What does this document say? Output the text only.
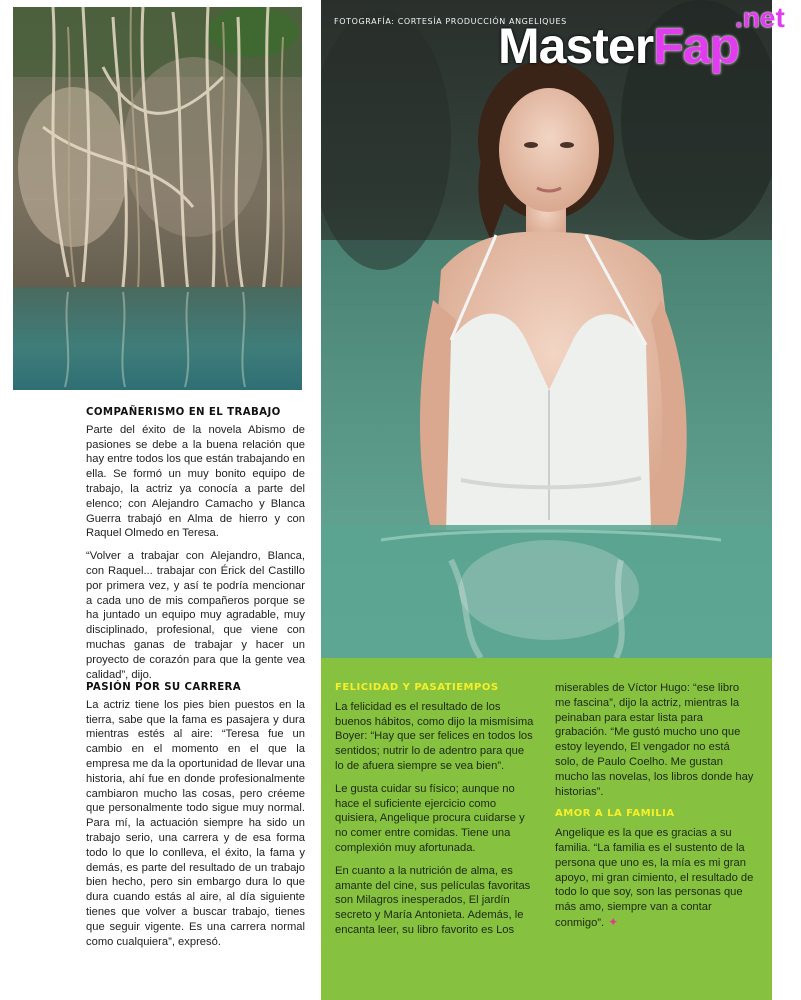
FOTOGRAFÍA: CORTESÍA PRODUCCIÓN ANGELIQUES	.net
MasterFap
COMPAÑERISMO EN EL TRABAJO

Parte del éxito de la novela Abismo de pasiones se debe a la buena relación que hay entre todos los que están trabajando en ella. Se formó un muy bonito equipo de trabajo, la actriz ya conocía a parte del elenco; con Alejandro Camacho y Blanca Guerra trabajó en Alma de hierro y con Raquel Olmedo en Teresa.

“Volver a trabajar con Alejandro, Blanca, con Raquel... trabajar con Érick del Castillo por primera vez, y así te podría mencionar a cada uno de mis compañeros porque se ha juntado un equipo muy agradable, muy disciplinado, profesional, que viene con muchas ganas de trabajar y hacer un proyecto de corazón para que la gente vea calidad”, dijo.

PASIÓN POR SU CARRERA

La actriz tiene los pies bien puestos en la tierra, sabe que la fama es pasajera y dura mientras estés al aire: “Teresa fue un cambio en el momento en el que la empresa me da la oportunidad de llevar una historia, ahí fue en donde profesionalmente cambiaron mucho las cosas, pero créeme que personalmente todo sigue muy normal. Para mí, la actuación siempre ha sido un trabajo serio, una carrera y de esa forma todo lo que lo conlleva, el éxito, la fama y demás, es parte del resultado de un trabajo bien hecho, pero sin embargo dura lo que dura cuando estás al aire, al día siguiente tienes que volver a buscar trabajo, tienes que seguir vigente. Es una carrera normal como cualquiera”, expresó.

FELICIDAD Y PASATIEMPOS

La felicidad es el resultado de los buenos hábitos, como dijo la mismísima Boyer: “Hay que ser felices en todos los sentidos; nutrir lo de adentro para que lo de afuera siempre se vea bien”.

Le gusta cuidar su físico; aunque no hace el suficiente ejercicio como quisiera, Angelique procura cuidarse y no comer entre comidas. Tiene una complexión muy afortunada.

En cuanto a la nutrición de alma, es amante del cine, sus películas favoritas son Milagros inesperados, El jardín secreto y María Antonieta. Además, le encanta leer, su libro favorito es Los

miserables de Víctor Hugo: “ese libro me fascina”, dijo la actriz, mientras la peinaban para estar lista para grabación. “Me gustó mucho uno que estoy leyendo, El vengador no está solo, de Paulo Coelho. Me gustan mucho las novelas, los libros donde hay historias”.

AMOR A LA FAMILIA

Angelique es la que es gracias a su familia. “La familia es el sustento de la persona que uno es, la mía es mi gran apoyo, mi gran cimiento, el resultado de todo lo que soy, son las personas que más amo, siempre van a contar conmigo”. ✦
